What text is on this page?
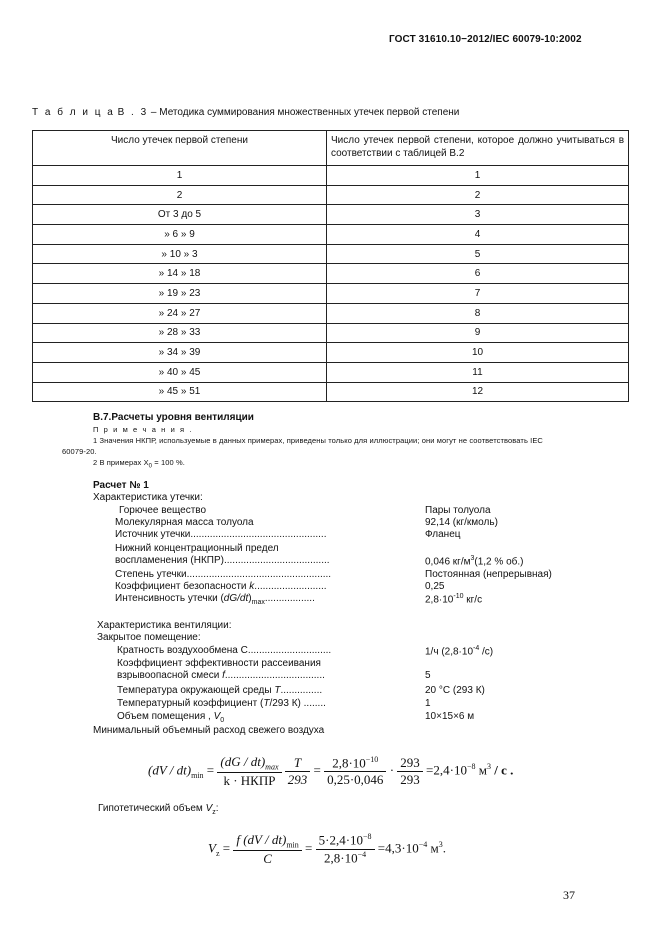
ГОСТ 31610.10−2012/IEC 60079-10:2002
Т а б л и ц а В . 3 – Методика суммирования множественных утечек первой степени
Число утечек первой степени	Число утечек первой степени, которое должно учитываться в соответствии с таблицей В.2
1	1
2	2
От 3 до 5	3
» 6 » 9	4
» 10 » 3	5
» 14 » 18	6
» 19 » 23	7
» 24 » 27	8
» 28 » 33	9
» 34 » 39	10
» 40 » 45	11
» 45 » 51	12
В.7.Расчеты уровня вентиляции
П р и м е ч а н и я .
1 Значения НКПР, используемые в данных примерах, приведены только для иллюстрации; они могут не соответствовать IEC
60079-20.
2 В примерах $X_0 = 100$ %.
Расчет № 1
Характеристика утечки:
Горючее вещество	Пары толуола
Молекулярная масса толуола	92,14 (кг/кмоль)
Источник утечки.................................................	Фланец
Нижний концентрационный предел
воспламенения (НКПР)......................................	0,046 $кг/м^3(1,2$ % об.)
Степень утечки....................................................	Постоянная (непрерывная)
Коэффициент безопасности k..........................	0,25
Интенсивность утечки $(dG/dt)_{max}$..................	$2,8\cdot 10^{-10}$ кг/с
Характеристика вентиляции:
Закрытое помещение:
Кратность воздухообмена С..............................	1/ч ($2,8\cdot 10^{-4}$ /с)
Коэффициент эффективности рассеивания
взрывоопасной смеси f....................................	5
Температура окружающей среды T...............	20 °С (293 К)
Температурный коэффициент (T/293 К) ........	1
Объем помещения , $V_0$	10×15×6 м
Минимальный объемный расход свежего воздуха
$(dV / dt)_{min} = \frac{(dG / dt)_{max}}{\text{k · НКПР}}$
$\frac{T}{293} = \frac{2,8\cdot 10^{-10}}{0,25\cdot 0,046} \cdot \frac{293}{293} =2,4\cdot 10^{-8}$ $м^3$ / с .
Гипотетический объем $V_z$:
$V_z = \frac{f (dV / dt)_{min}}{C} = \frac{5\cdot 2,4\cdot 10^{-8}}{2,8\cdot 10^{-4}} =4,3\cdot 10^{-4}$ $м^3$.
37
